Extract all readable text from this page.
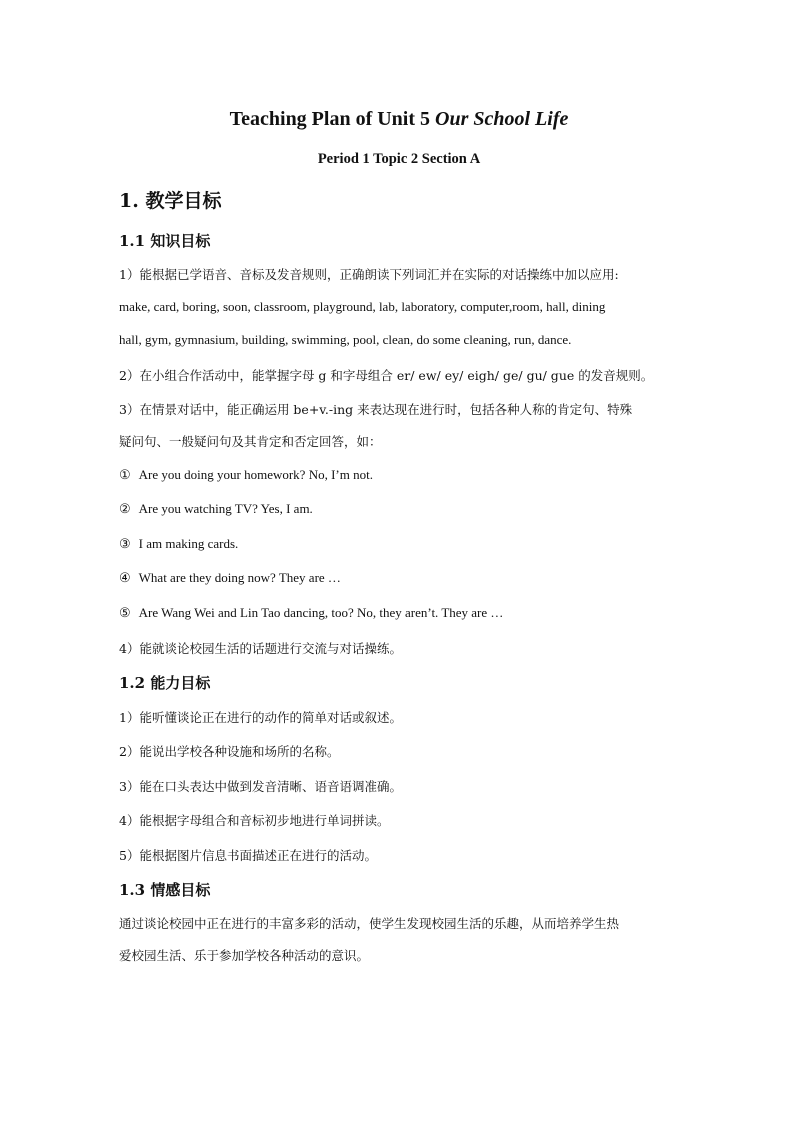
Teaching Plan of Unit 5 Our School Life

Period 1 Topic 2 Section A

1. 教学目标
1.1 知识目标

1）能根据已学语音、音标及发音规则，正确朗读下列词汇并在实际的对话操练中加以应用:

make, card, boring, soon, classroom, playground, lab, laboratory, computer,room, hall, dining

hall, gym, gymnasium, building, swimming, pool, clean, do some cleaning, run, dance.

2）在小组合作活动中，能掌握字母 g 和字母组合 er/ ew/ ey/ eigh/ ge/ gu/ gue 的发音规则。

3）在情景对话中，能正确运用 be+v.-ing 来表达现在进行时，包括各种人称的肯定句、特殊

疑问句、一般疑问句及其肯定和否定回答，如：

① Are you doing your homework? No, I’m not.

② Are you watching TV? Yes, I am.

③ I am making cards.

④ What are they doing now? They are …

⑤ Are Wang Wei and Lin Tao dancing, too? No, they aren’t. They are …

4）能就谈论校园生活的话题进行交流与对话操练。

1.2 能力目标

1）能听懂谈论正在进行的动作的简单对话或叙述。

2）能说出学校各种设施和场所的名称。

3）能在口头表达中做到发音清晰、语音语调准确。

4）能根据字母组合和音标初步地进行单词拼读。

5）能根据图片信息书面描述正在进行的活动。

1.3 情感目标

通过谈论校园中正在进行的丰富多彩的活动，使学生发现校园生活的乐趣，从而培养学生热

爱校园生活、乐于参加学校各种活动的意识。
